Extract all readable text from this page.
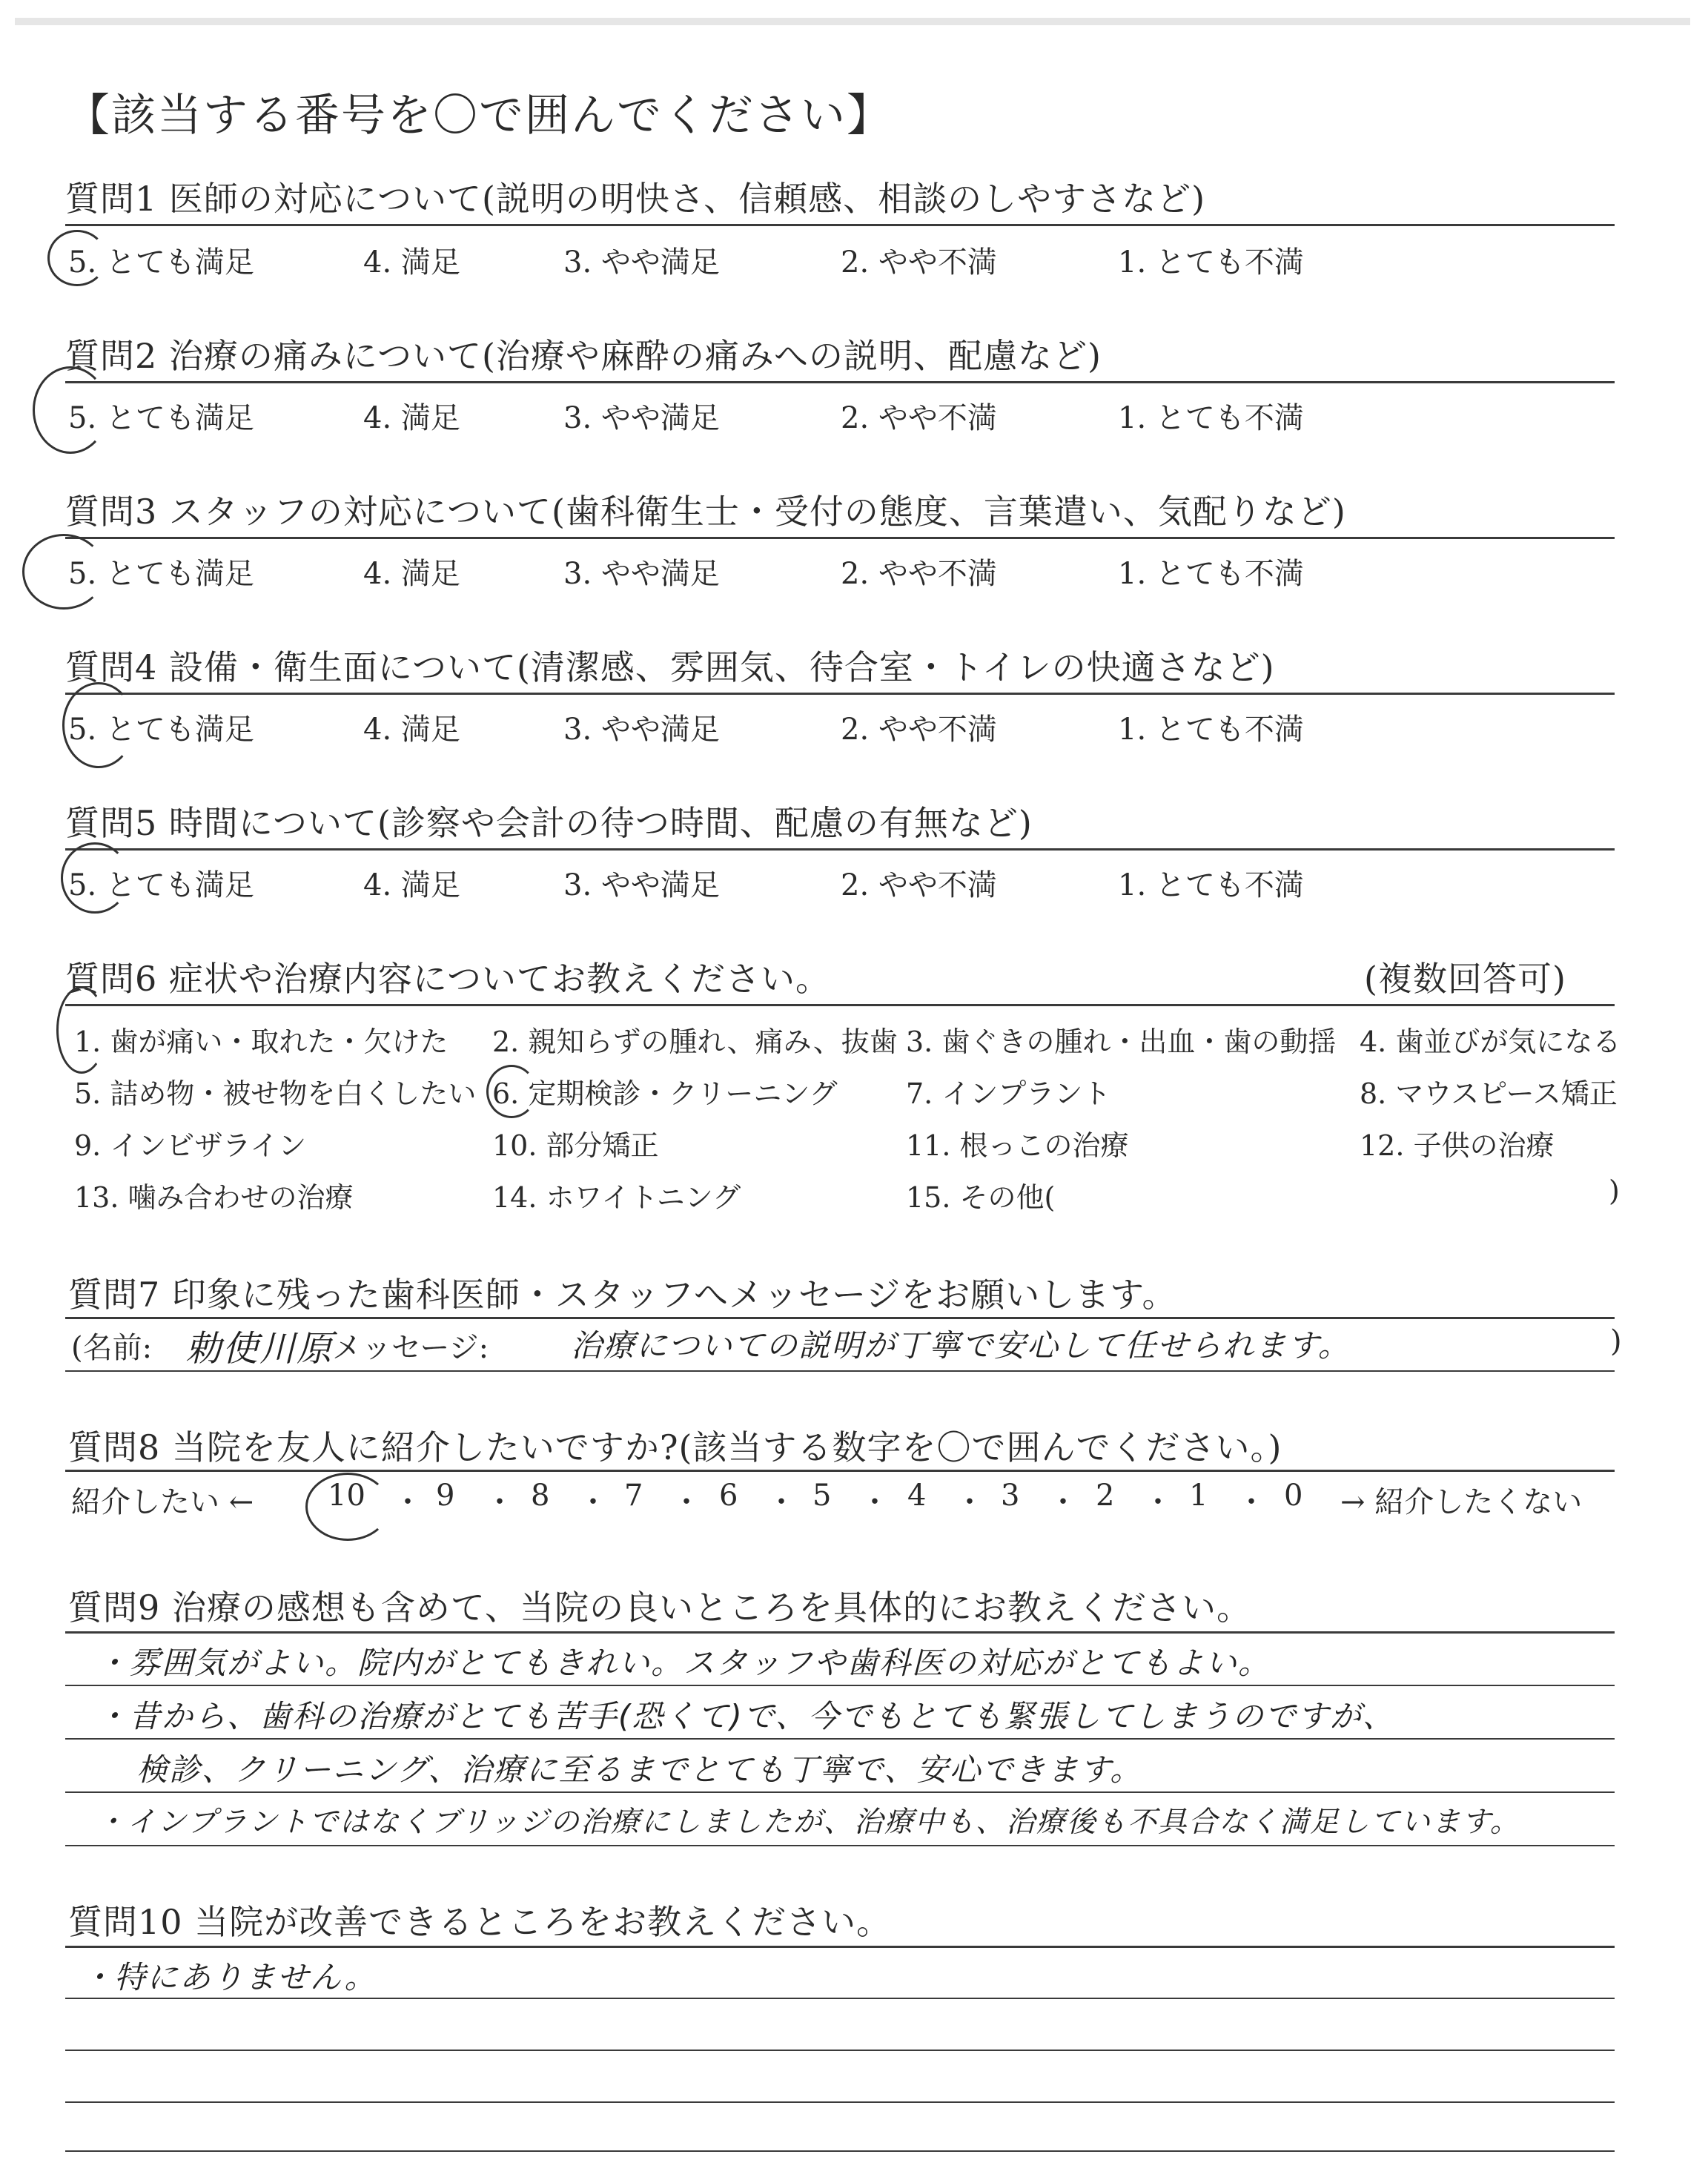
【該当する番号を〇で囲んでください】
質問1 医師の対応について(説明の明快さ、信頼感、相談のしやすさなど)
5. とても満足	4. 満足	3. やや満足	2. やや不満	1. とても不満
質問2 治療の痛みについて(治療や麻酔の痛みへの説明、配慮など)
5. とても満足	4. 満足	3. やや満足	2. やや不満	1. とても不満
質問3 スタッフの対応について(歯科衛生士・受付の態度、言葉遣い、気配りなど)
5. とても満足	4. 満足	3. やや満足	2. やや不満	1. とても不満
質問4 設備・衛生面について(清潔感、雰囲気、待合室・トイレの快適さなど)
5. とても満足	4. 満足	3. やや満足	2. やや不満	1. とても不満
質問5 時間について(診察や会計の待つ時間、配慮の有無など)
5. とても満足	4. 満足	3. やや満足	2. やや不満	1. とても不満
質問6 症状や治療内容についてお教えください。	(複数回答可)
1. 歯が痛い・取れた・欠けた 2. 親知らずの腫れ、痛み、抜歯 3. 歯ぐきの腫れ・出血・歯の動揺 4. 歯並びが気になる
5. 詰め物・被せ物を白くしたい 6. 定期検診・クリーニング 7. インプラント	8. マウスピース矯正
9. インビザライン	10. 部分矯正	11. 根っこの治療	12. 子供の治療
13. 噛み合わせの治療	14. ホワイトニング	15. その他(	)
質問7 印象に残った歯科医師・スタッフへメッセージをお願いします。
(名前: 勅使川原
メッセージ:	治療についての説明が丁寧で安心して任せられます。	)
質問8 当院を友人に紹介したいですか?(該当する数字を〇で囲んでください。)
紹介したい ← 10 ・ 9 ・ 8 ・ 7 ・ 6 ・ 5 ・ 4 ・ 3 ・ 2 ・ 1 ・ 0 → 紹介したくない
質問9 治療の感想も含めて、当院の良いところを具体的にお教えください。
・雰囲気がよい。院内がとてもきれい。スタッフや歯科医の対応がとてもよい。
・昔から、歯科の治療がとても苦手(恐くて)で、今でもとても緊張してしまうのですが、
検診、クリーニング、治療に至るまでとても丁寧で、安心できます。
・インプラントではなくブリッジの治療にしましたが、治療中も、治療後も不具合なく満足しています。
質問10 当院が改善できるところをお教えください。
・特にありません。
